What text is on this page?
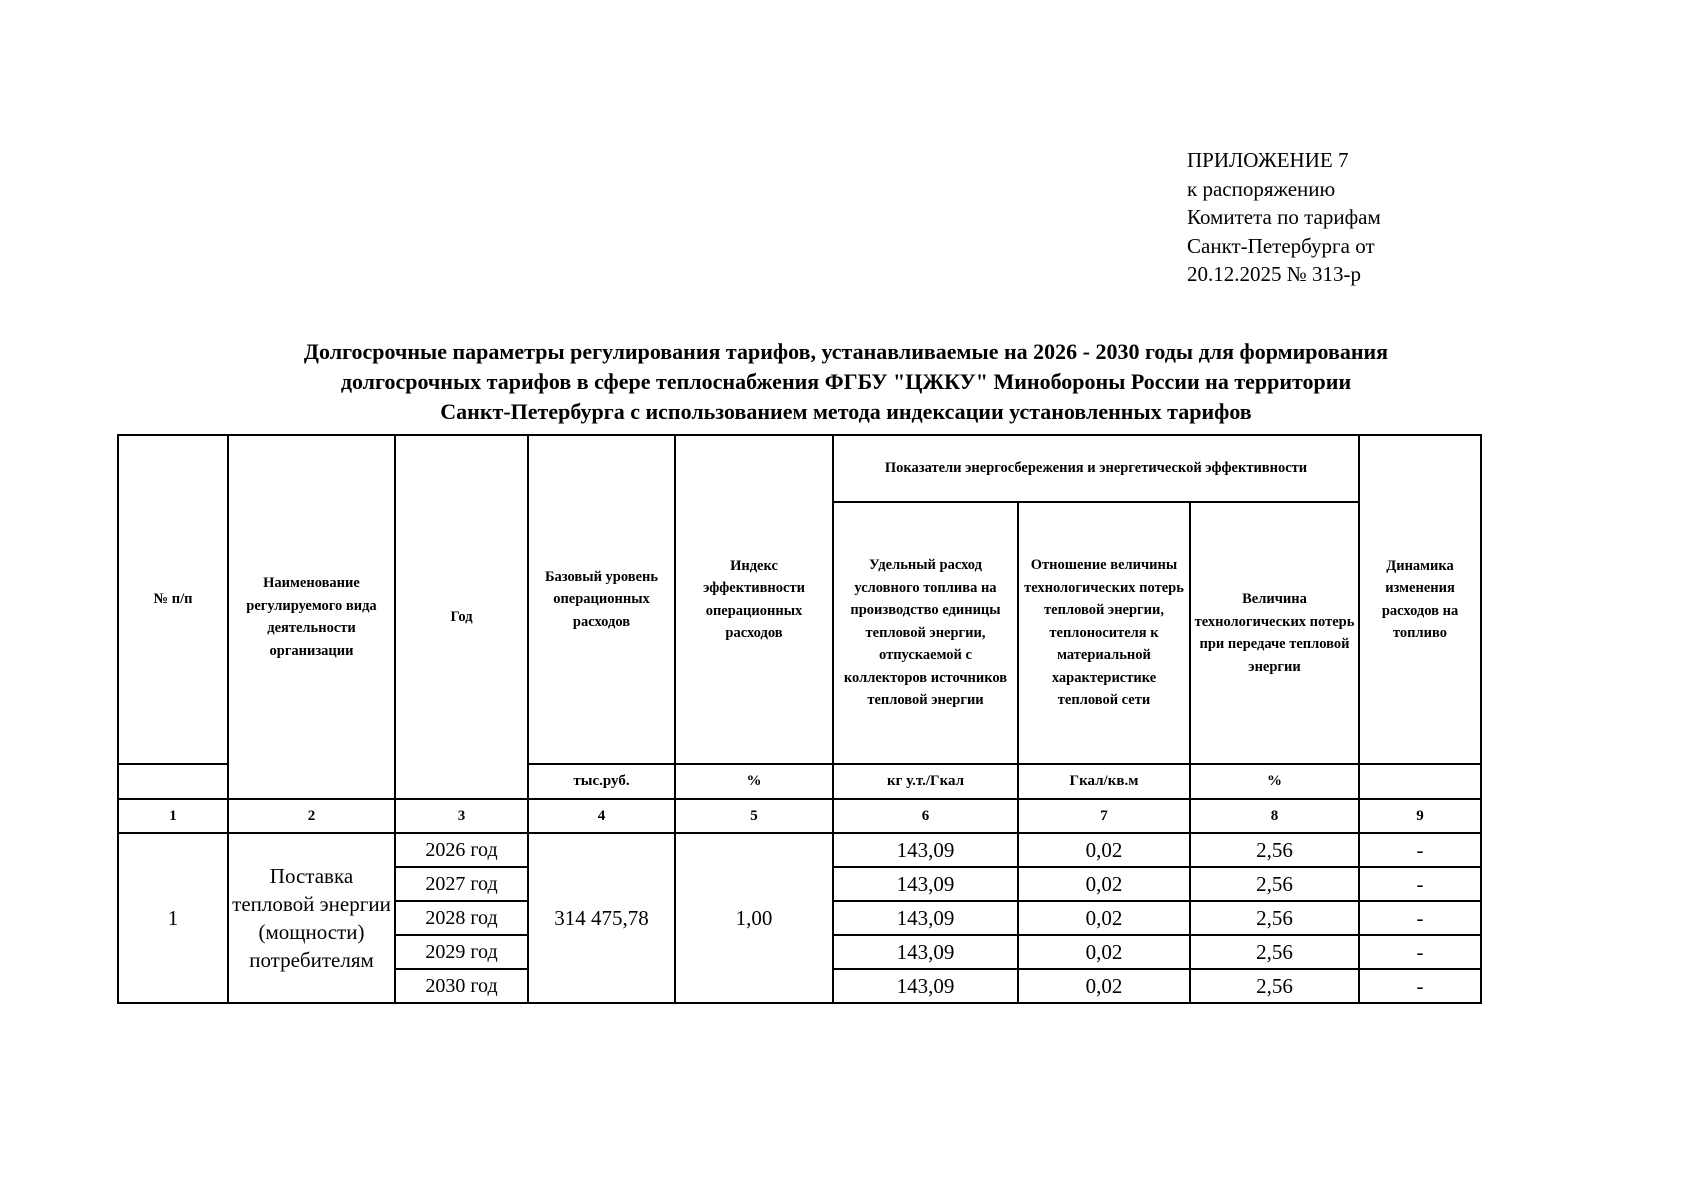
ПРИЛОЖЕНИЕ 7
к распоряжению
Комитета по тарифам
Санкт-Петербурга от
20.12.2025 № 313-р
Долгосрочные параметры регулирования тарифов, устанавливаемые на 2026 - 2030 годы для формирования
долгосрочных тарифов в сфере теплоснабжения ФГБУ "ЦЖКУ" Минобороны России на территории
Санкт-Петербурга с использованием метода индексации установленных тарифов
№ п/п	Наименование регулируемого вида деятельности организации	Год	Базовый уровень операционных расходов	Индекс эффективности операционных расходов	Показатели энергосбережения и энергетической эффективности			Динамика изменения расходов на топливо
					Удельный расход условного топлива на производство единицы тепловой энергии, отпускаемой с коллекторов источников тепловой энергии	Отношение величины технологических потерь тепловой энергии, теплоносителя к материальной характеристике тепловой сети	Величина технологических потерь при передаче тепловой энергии	
			тыс.руб.	%	кг у.т./Гкал	Гкал/кв.м	%	
1	2	3	4	5	6	7	8	9
1	Поставка тепловой энергии (мощности) потребителям	2026 год	314 475,78	1,00	143,09	0,02	2,56	-
		2027 год			143,09	0,02	2,56	-
		2028 год			143,09	0,02	2,56	-
		2029 год			143,09	0,02	2,56	-
		2030 год			143,09	0,02	2,56	-
